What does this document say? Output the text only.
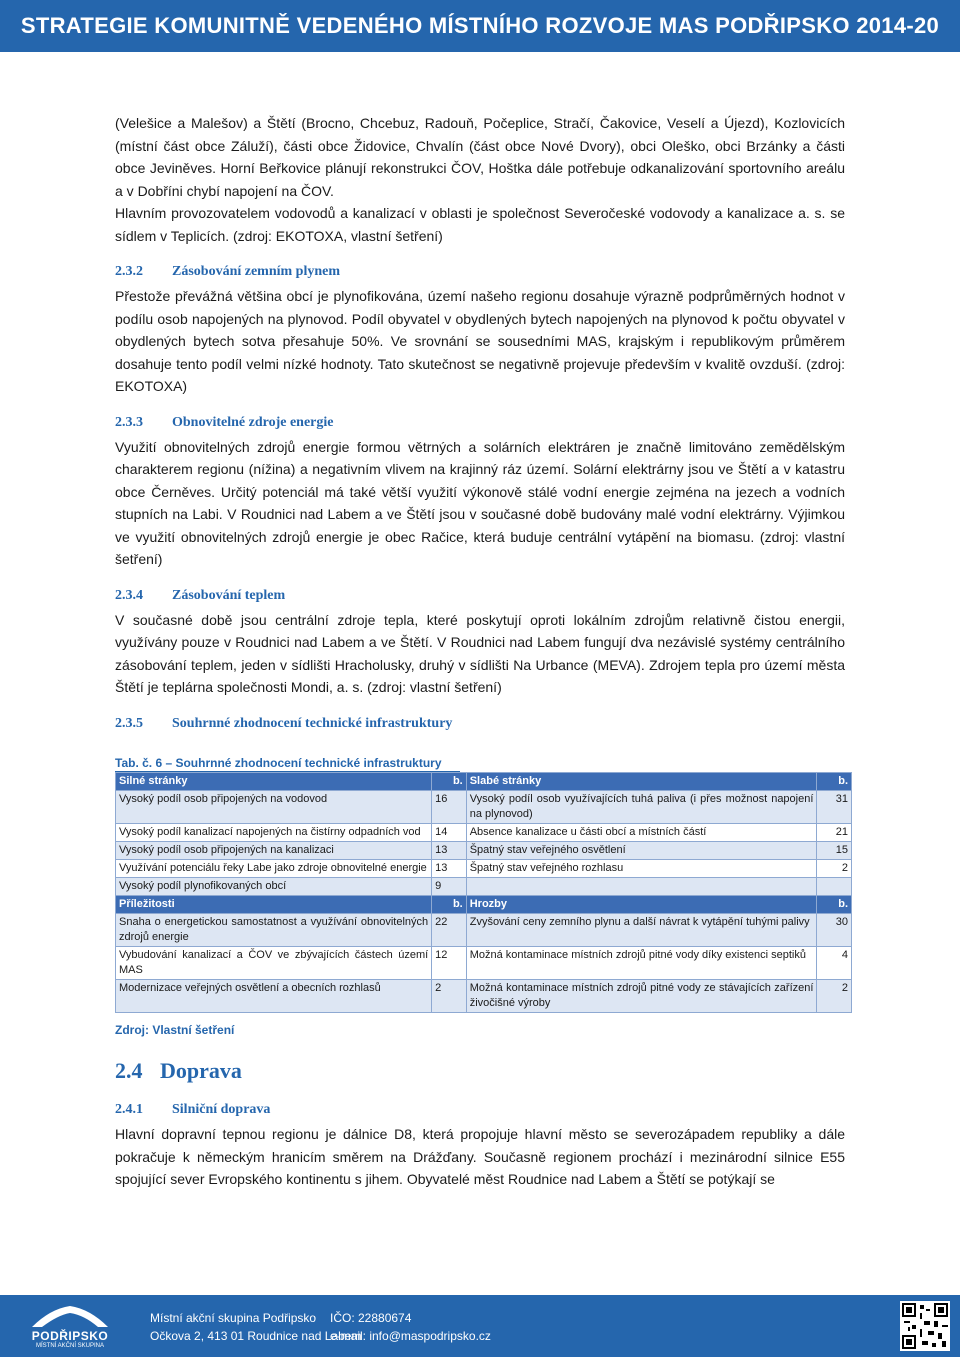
STRATEGIE KOMUNITNĚ VEDENÉHO MÍSTNÍHO ROZVOJE MAS PODŘIPSKO 2014-20

(Velešice a Malešov) a Štětí (Brocno, Chcebuz, Radouň, Počeplice, Stračí, Čakovice, Veselí a Újezd), Kozlovicích (místní část obce Záluží), části obce Židovice, Chvalín (část obce Nové Dvory), obci Oleško, obci Brzánky a části obce Jeviněves. Horní Beřkovice plánují rekonstrukci ČOV, Hoštka dále potřebuje odkanalizování sportovního areálu a v Dobříni chybí napojení na ČOV.

Hlavním provozovatelem vodovodů a kanalizací v oblasti je společnost Severočeské vodovody a kanalizace a. s. se sídlem v Teplicích. (zdroj: EKOTOXA, vlastní šetření)

2.3.2 Zásobování zemním plynem

Přestože převážná většina obcí je plynofikována, území našeho regionu dosahuje výrazně podprůměrných hodnot v podílu osob napojených na plynovod. Podíl obyvatel v obydlených bytech napojených na plynovod k počtu obyvatel v obydlených bytech sotva přesahuje 50%. Ve srovnání se sousedními MAS, krajským i republikovým průměrem dosahuje tento podíl velmi nízké hodnoty. Tato skutečnost se negativně projevuje především v kvalitě ovzduší. (zdroj: EKOTOXA)

2.3.3 Obnovitelné zdroje energie

Využití obnovitelných zdrojů energie formou větrných a solárních elektráren je značně limitováno zemědělským charakterem regionu (nížina) a negativním vlivem na krajinný ráz území. Solární elektrárny jsou ve Štětí a v katastru obce Černěves. Určitý potenciál má také větší využití výkonově stálé vodní energie zejména na jezech a vodních stupních na Labi. V Roudnici nad Labem a ve Štětí jsou v současné době budovány malé vodní elektrárny. Výjimkou ve využití obnovitelných zdrojů energie je obec Račice, která buduje centrální vytápění na biomasu. (zdroj: vlastní šetření)

2.3.4 Zásobování teplem

V současné době jsou centrální zdroje tepla, které poskytují oproti lokálním zdrojům relativně čistou energii, využívány pouze v Roudnici nad Labem a ve Štětí. V Roudnici nad Labem fungují dva nezávislé systémy centrálního zásobování teplem, jeden v sídlišti Hracholusky, druhý v sídlišti Na Urbance (MEVA). Zdrojem tepla pro území města Štětí je teplárna společnosti Mondi, a. s. (zdroj: vlastní šetření)

2.3.5 Souhrnné zhodnocení technické infrastruktury
Tab. č. 6 – Souhrnné zhodnocení technické infrastruktury
Silné stránky	b.	Slabé stránky	b.
Vysoký podíl osob připojených na vodovod	16	Vysoký podíl osob využívajících tuhá paliva (i přes možnost napojení na plynovod)	31
Vysoký podíl kanalizací napojených na čistírny odpadních vod	14	Absence kanalizace u části obcí a místních částí	21
Vysoký podíl osob připojených na kanalizaci	13	Špatný stav veřejného osvětlení	15
Využívání potenciálu řeky Labe jako zdroje obnovitelné energie	13	Špatný stav veřejného rozhlasu	2
Vysoký podíl plynofikovaných obcí	9		
Příležitosti	b.	Hrozby	b.
Snaha o energetickou samostatnost a využívání obnovitelných zdrojů energie	22	Zvyšování ceny zemního plynu a další návrat k vytápění tuhými palivy	30
Vybudování kanalizací a ČOV ve zbývajících částech území MAS	12	Možná kontaminace místních zdrojů pitné vody díky existenci septiků	4
Modernizace veřejných osvětlení a obecních rozhlasů	2	Možná kontaminace místních zdrojů pitné vody ze stávajících zařízení živočišné výroby	2
Zdroj: Vlastní šetření
2.4 Doprava
2.4.1 Silniční doprava

Hlavní dopravní tepnou regionu je dálnice D8, která propojuje hlavní město se severozápadem republiky a dále pokračuje k německým hranicím směrem na Drážďany. Současně regionem prochází i mezinárodní silnice E55 spojující sever Evropského kontinentu s jihem. Obyvatelé měst Roudnice nad Labem a Štětí se potýkají se

PODŘIPSKO
MÍSTNÍ AKČNÍ SKUPINA
Místní akční skupina Podřipsko
Očkova 2, 413 01 Roudnice nad Labem
IČO: 22880674
e-mail: info@maspodripsko.cz
